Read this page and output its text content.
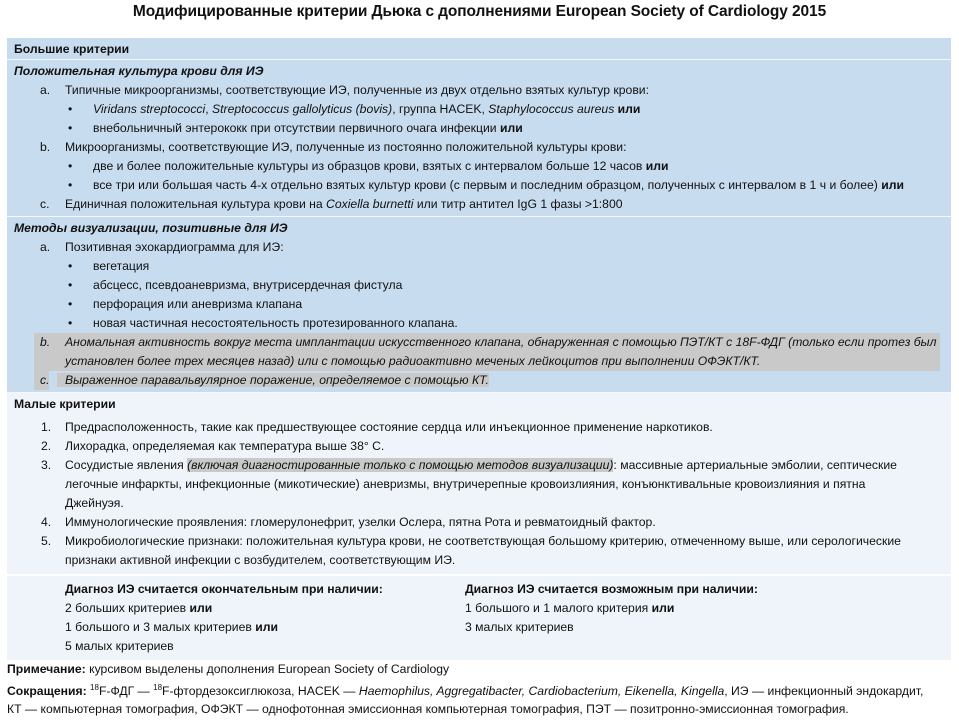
Модифицированные критерии Дьюка с дополнениями European Society of Cardiology 2015
Большие критерии
Положительная культура крови для ИЭ
a. Типичные микроорганизмы, соответствующие ИЭ, полученные из двух отдельно взятых культур крови:
• Viridans streptococci, Streptococcus gallolyticus (bovis), группа HACEK, Staphylococcus aureus или
• внебольничный энтерококк при отсутствии первичного очага инфекции или
b. Микроорганизмы, соответствующие ИЭ, полученные из постоянно положительной культуры крови:
• две и более положительные культуры из образцов крови, взятых с интервалом больше 12 часов или
• все три или большая часть 4-х отдельно взятых культур крови (с первым и последним образцом, полученных с интервалом в 1 ч и более) или
c. Единичная положительная культура крови на Coxiella burnetti или титр антител IgG 1 фазы >1:800
Методы визуализации, позитивные для ИЭ
a. Позитивная эхокардиограмма для ИЭ:
• вегетация
• абсцесс, псевдоаневризма, внутрисердечная фистула
• перфорация или аневризма клапана
• новая частичная несостоятельность протезированного клапана.
b. Аномальная активность вокруг места имплантации искусственного клапана, обнаруженная с помощью ПЭТ/КТ с 18F-ФДГ (только если протез был
установлен более трех месяцев назад) или с помощью радиоактивно меченых лейкоцитов при выполнении ОФЭКТ/КТ.
c. Выраженное паравальвулярное поражение, определяемое с помощью КТ.
Малые критерии
1. Предрасположенность, такие как предшествующее состояние сердца или инъекционное применение наркотиков.
2. Лихорадка, определяемая как температура выше 38° С.
3. Сосудистые явления (включая диагностированные только с помощью методов визуализации): массивные артериальные эмболии, септические
легочные инфаркты, инфекционные (микотические) аневризмы, внутричерепные кровоизлияния, конъюнктивальные кровоизлияния и пятна
Джейнуэя.
4. Иммунологические проявления: гломерулонефрит, узелки Ослера, пятна Рота и ревматоидный фактор.
5. Микробиологические признаки: положительная культура крови, не соответствующая большому критерию, отмеченному выше, или серологические
признаки активной инфекции с возбудителем, соответствующим ИЭ.
Диагноз ИЭ считается окончательным при наличии:
2 больших критериев или
1 большого и 3 малых критериев или
5 малых критериев
Диагноз ИЭ считается возможным при наличии:
1 большого и 1 малого критерия или
3 малых критериев
Примечание: курсивом выделены дополнения European Society of Cardiology
Сокращения: $^{18}$F-ФДГ — $^{18}$F-фтордезоксиглюкоза, HACEK — Haemophilus, Aggregatibacter, Cardiobacterium, Eikenella, Kingella, ИЭ — инфекционный эндокардит,
КТ — компьютерная томография, ОФЭКТ — однофотонная эмиссионная компьютерная томография, ПЭТ — позитронно-эмиссионная томография.
